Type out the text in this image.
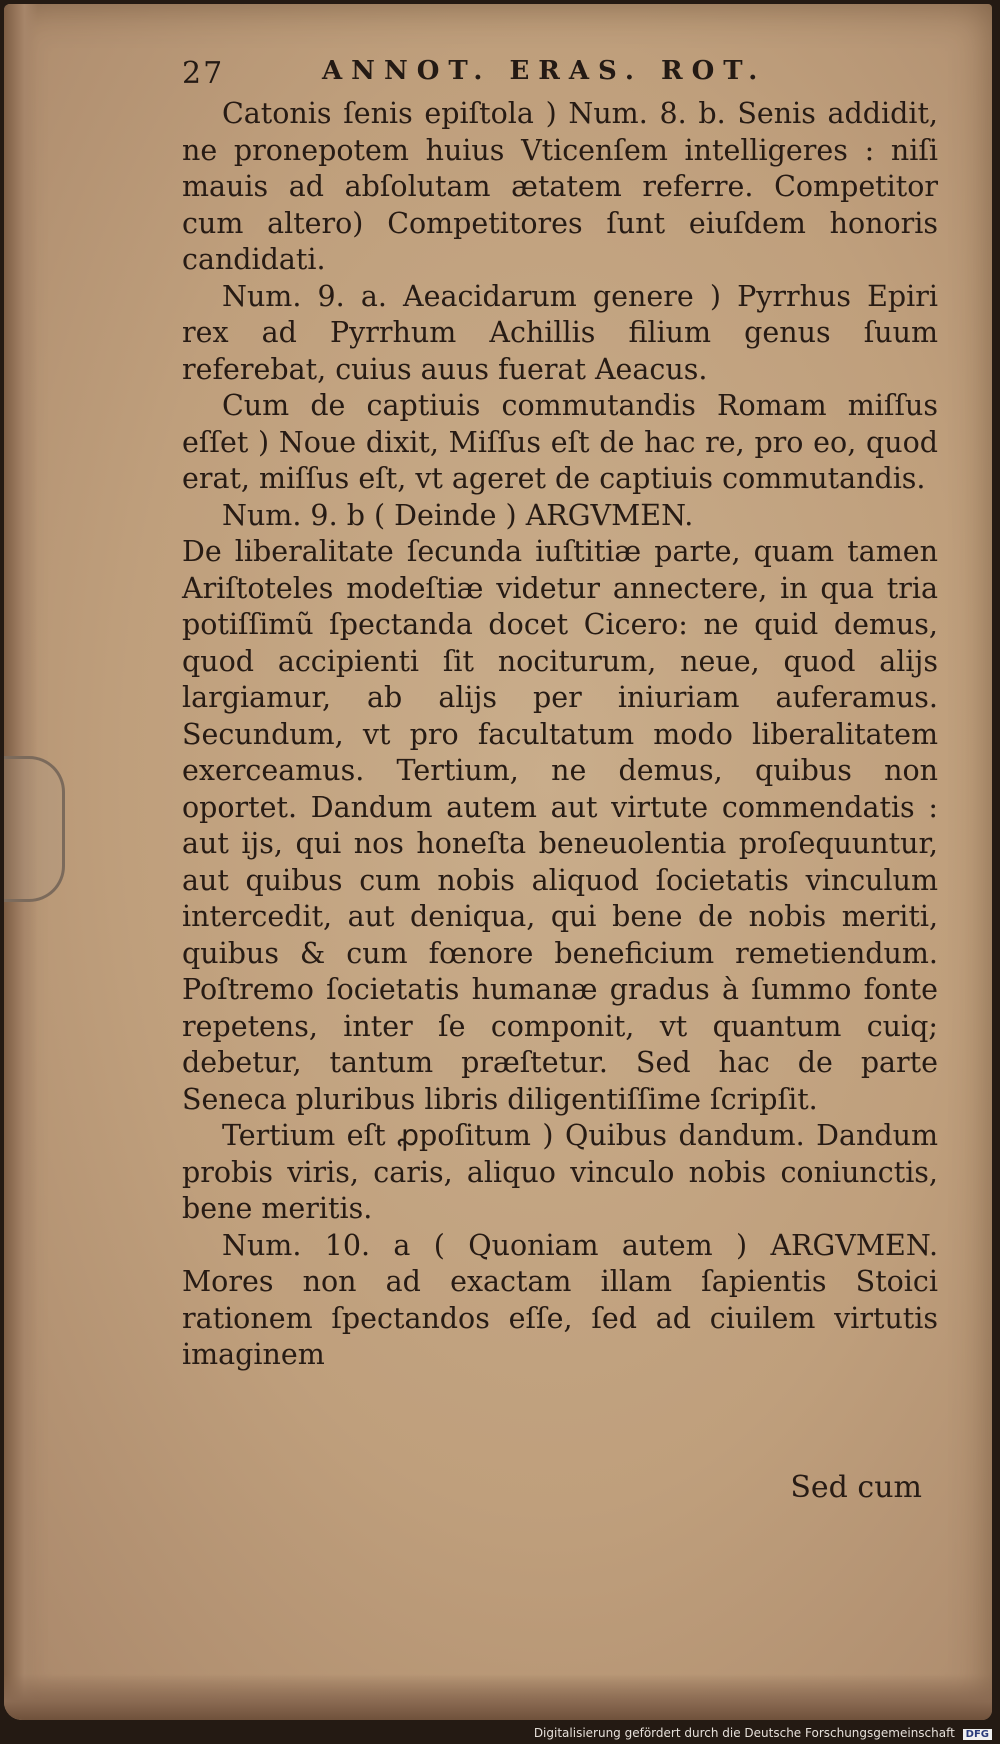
27	ANNOT. ERAS. ROT.

Catonis ſenis epiſtola ) Num. 8. b. Senis addidit, ne pronepotem huius Vticenſem intelligeres : niſi mauis ad abſolutam ætatem referre. Competitor cum altero) Competitores ſunt eiuſdem honoris candidati.

Num. 9. a. Aeacidarum genere ) Pyrrhus Epiri rex ad Pyrrhum Achillis filium genus ſuum referebat, cuius auus fuerat Aeacus.

Cum de captiuis commutandis Romam miſſus eſſet ) Noue dixit, Miſſus eſt de hac re, pro eo, quod erat, miſſus eſt, vt ageret de captiuis commutandis.

Num. 9. b ( Deinde ) ARGVMEN.

De liberalitate ſecunda iuſtitiæ parte, quam tamen Ariſtoteles modeſtiæ videtur annectere, in qua tria potiſſimũ ſpectanda docet Cicero: ne quid demus, quod accipienti ſit nociturum, neue, quod alijs largiamur, ab alijs per iniuriam auferamus. Secundum, vt pro facultatum modo liberalitatem exerceamus. Tertium, ne demus, quibus non oportet. Dandum autem aut virtute commendatis : aut ijs, qui nos honeſta beneuolentia proſequuntur, aut quibus cum nobis aliquod ſocietatis vinculum intercedit, aut deniqua, qui bene de nobis meriti, quibus & cum fœnore beneficium remetiendum. Poſtremo ſocietatis humanæ gradus à ſummo fonte repetens, inter ſe componit, vt quantum cuiq; debetur, tantum præſtetur. Sed hac de parte Seneca pluribus libris diligentiſſime ſcripſit.

Tertium eſt ꝓpoſitum ) Quibus dandum. Dandum probis viris, caris, aliquo vinculo nobis coniunctis, bene meritis.

Num. 10. a ( Quoniam autem ) ARGVMEN. Mores non ad exactam illam ſapientis Stoici rationem ſpectandos eſſe, ſed ad ciuilem virtutis imaginem

Sed cum
Digitalisierung gefördert durch die Deutsche Forschungsgemeinschaft DFG
